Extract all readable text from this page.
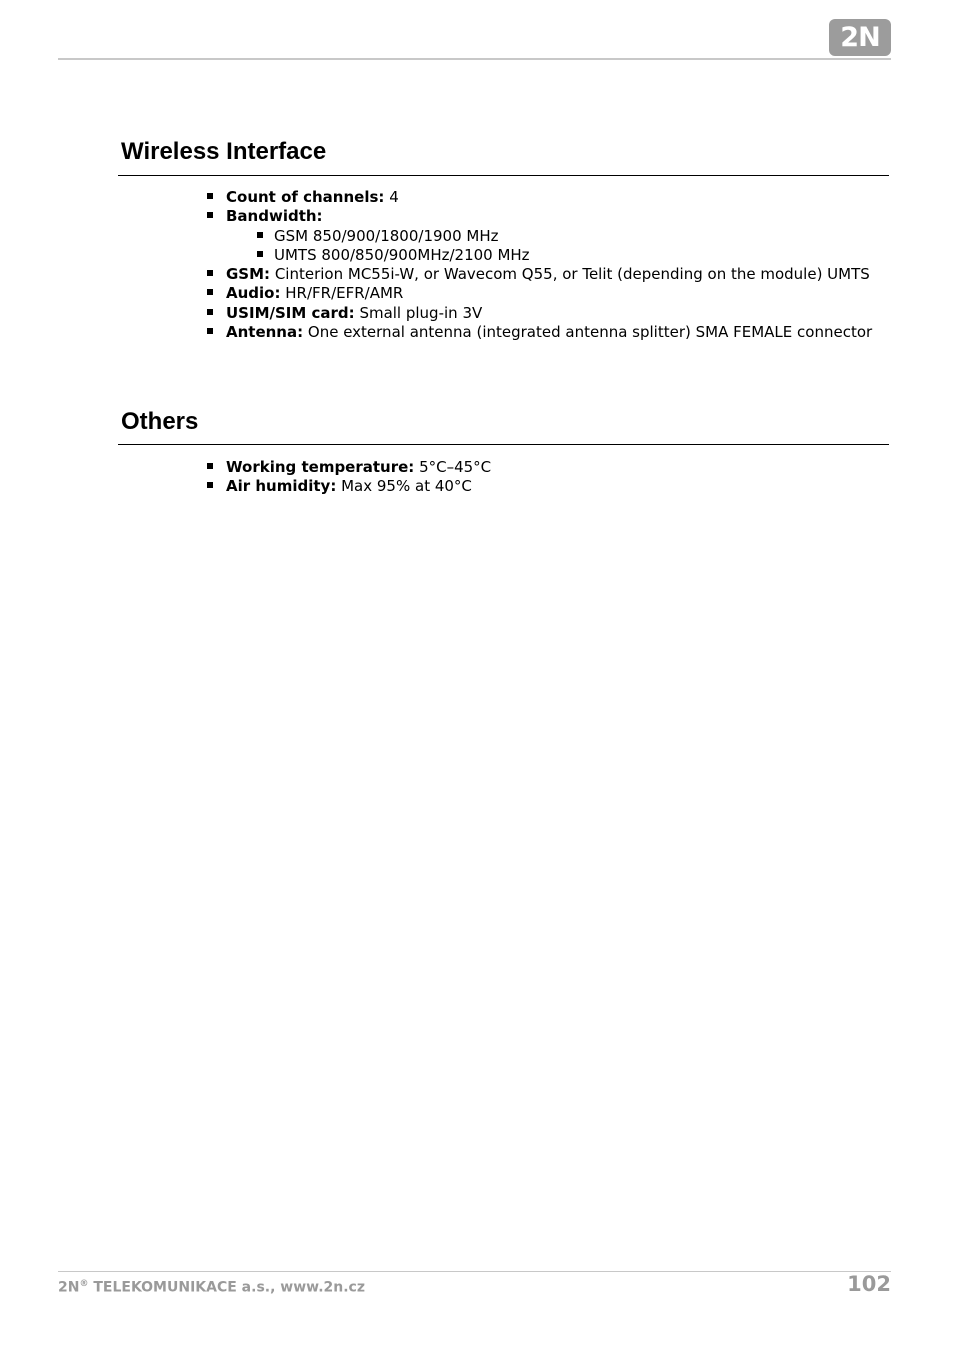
2N
Wireless Interface
Count of channels: 4
Bandwidth:
GSM 850/900/1800/1900 MHz
UMTS 800/850/900MHz/2100 MHz
GSM: Cinterion MC55i-W, or Wavecom Q55, or Telit (depending on the module) UMTS
Audio: HR/FR/EFR/AMR
USIM/SIM card: Small plug-in 3V
Antenna: One external antenna (integrated antenna splitter) SMA FEMALE connector
Others
Working temperature: 5°C–45°C
Air humidity: Max 95% at 40°C
2N® TELEKOMUNIKACE a.s., www.2n.cz	102
